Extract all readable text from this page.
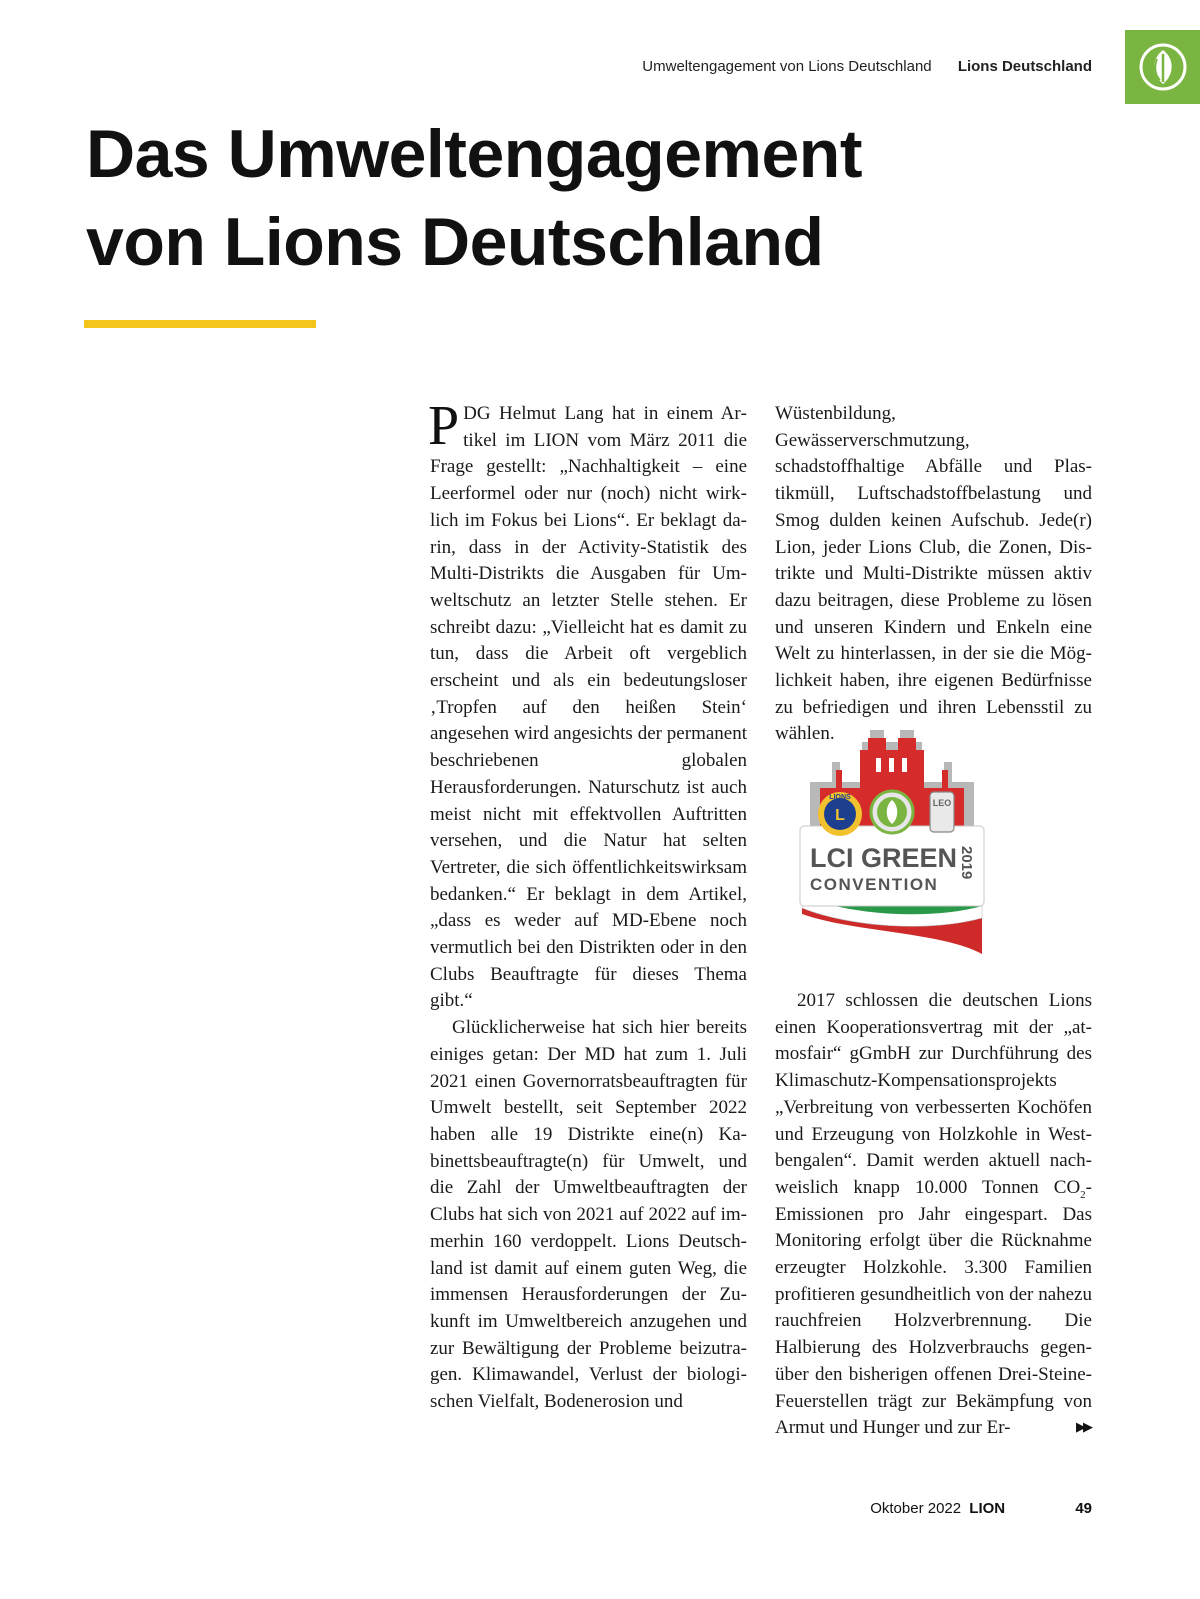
Umweltengagement von Lions Deutschland Lions Deutschland
Das Umweltengagement
von Lions Deutschland

PDG Helmut Lang hat in einem Artikel im LION vom März 2011 die Frage gestellt: „Nachhaltigkeit – eine Leerformel oder nur (noch) nicht wirklich im Fokus bei Lions“. Er beklagt darin, dass in der Activity-Statistik des Multi-Distrikts die Ausgaben für Umweltschutz an letzter Stelle stehen. Er schreibt dazu: „Vielleicht hat es damit zu tun, dass die Arbeit oft vergeblich erscheint und als ein bedeutungsloser ‚Tropfen auf den heißen Stein‘ angesehen wird angesichts der permanent beschriebenen globalen Herausforderungen. Naturschutz ist auch meist nicht mit effektvollen Auftritten versehen, und die Natur hat selten Vertreter, die sich öffentlichkeitswirksam bedanken.“ Er beklagt in dem Artikel, „dass es weder auf MD-Ebene noch vermutlich bei den Distrikten oder in den Clubs Beauftragte für dieses Thema gibt.“

Glücklicherweise hat sich hier bereits einiges getan: Der MD hat zum 1. Juli 2021 einen Governorratsbeauftragten für Umwelt bestellt, seit September 2022 haben alle 19 Distrikte eine(n) Kabinettsbeauftragte(n) für Umwelt, und die Zahl der Umweltbeauftragten der Clubs hat sich von 2021 auf 2022 auf immerhin 160 verdoppelt. Lions Deutschland ist damit auf einem guten Weg, die immensen Herausforderungen der Zukunft im Umweltbereich anzugehen und zur Bewältigung der Probleme beizutragen. Klimawandel, Verlust der biologischen Vielfalt, Bodenerosion und

L
LIONS
LEO
LCI GREEN
CONVENTION
2019

2017 schlossen die deutschen Lions einen Kooperationsvertrag mit der „atmosfair“ gGmbH zur Durchführung des Klimaschutz-Kompensationsprojekts „Verbreitung von verbesserten Kochöfen und Erzeugung von Holzkohle in Westbengalen“. Damit werden aktuell nachweislich knapp 10.000 Tonnen $CO_2$-Emissionen pro Jahr eingespart. Das Monitoring erfolgt über die Rücknahme erzeugter Holzkohle. 3.300 Familien profitieren gesundheitlich von der nahezu rauchfreien Holzverbrennung. Die Halbierung des Holzverbrauchs gegenüber den bisherigen offenen Drei-Steine-Feuerstellen trägt zur Bekämpfung von Armut und Hunger und zur Er-	▶▶
Oktober 2022 LION	49

Wüstenbildung, Gewässerverschmutzung, schadstoffhaltige Abfälle und Plastikmüll, Luftschadstoffbelastung und Smog dulden keinen Aufschub. Jede(r) Lion, jeder Lions Club, die Zonen, Distrikte und Multi-Distrikte müssen aktiv dazu beitragen, diese Probleme zu lösen und unseren Kindern und Enkeln eine Welt zu hinterlassen, in der sie die Möglichkeit haben, ihre eigenen Bedürfnisse zu befriedigen und ihren Lebensstil zu wählen.
